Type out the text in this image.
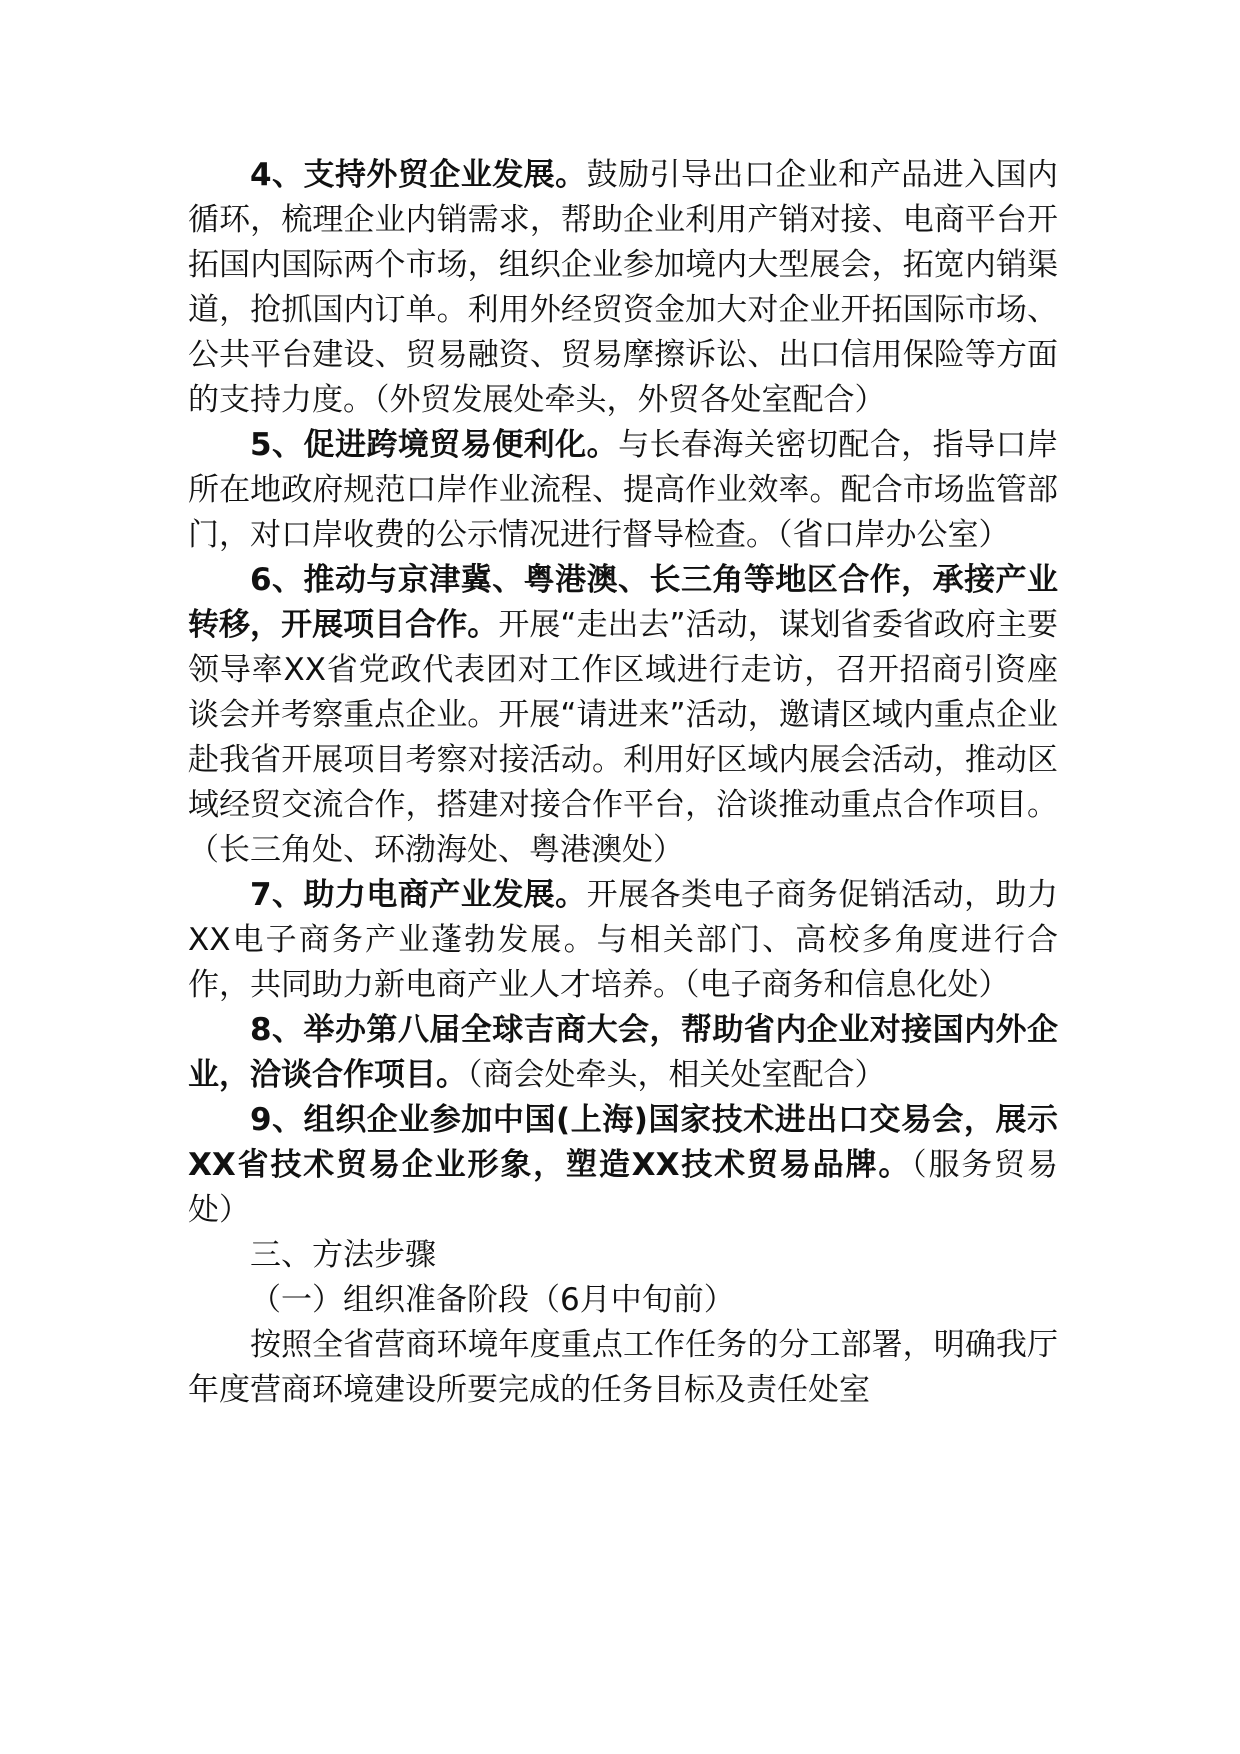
4、支持外贸企业发展。鼓励引导出口企业和产品进入国内循环，梳理企业内销需求，帮助企业利用产销对接、电商平台开拓国内国际两个市场，组织企业参加境内大型展会，拓宽内销渠道，抢抓国内订单。利用外经贸资金加大对企业开拓国际市场、公共平台建设、贸易融资、贸易摩擦诉讼、出口信用保险等方面的支持力度。（外贸发展处牵头，外贸各处室配合）

5、促进跨境贸易便利化。与长春海关密切配合，指导口岸所在地政府规范口岸作业流程、提高作业效率。配合市场监管部门，对口岸收费的公示情况进行督导检查。（省口岸办公室）

6、推动与京津冀、粤港澳、长三角等地区合作，承接产业转移，开展项目合作。开展“走出去”活动，谋划省委省政府主要领导率XX省党政代表团对工作区域进行走访，召开招商引资座谈会并考察重点企业。开展“请进来”活动，邀请区域内重点企业赴我省开展项目考察对接活动。利用好区域内展会活动，推动区域经贸交流合作，搭建对接合作平台，洽谈推动重点合作项目。（长三角处、环渤海处、粤港澳处）

7、助力电商产业发展。开展各类电子商务促销活动，助力XX电子商务产业蓬勃发展。与相关部门、高校多角度进行合作，共同助力新电商产业人才培养。（电子商务和信息化处）

8、举办第八届全球吉商大会，帮助省内企业对接国内外企业，洽谈合作项目。（商会处牵头，相关处室配合）

9、组织企业参加中国(上海)国家技术进出口交易会，展示XX省技术贸易企业形象，塑造XX技术贸易品牌。（服务贸易处）

三、方法步骤

（一）组织准备阶段（6月中旬前）

按照全省营商环境年度重点工作任务的分工部署，明确我厅年度营商环境建设所要完成的任务目标及责任处室
